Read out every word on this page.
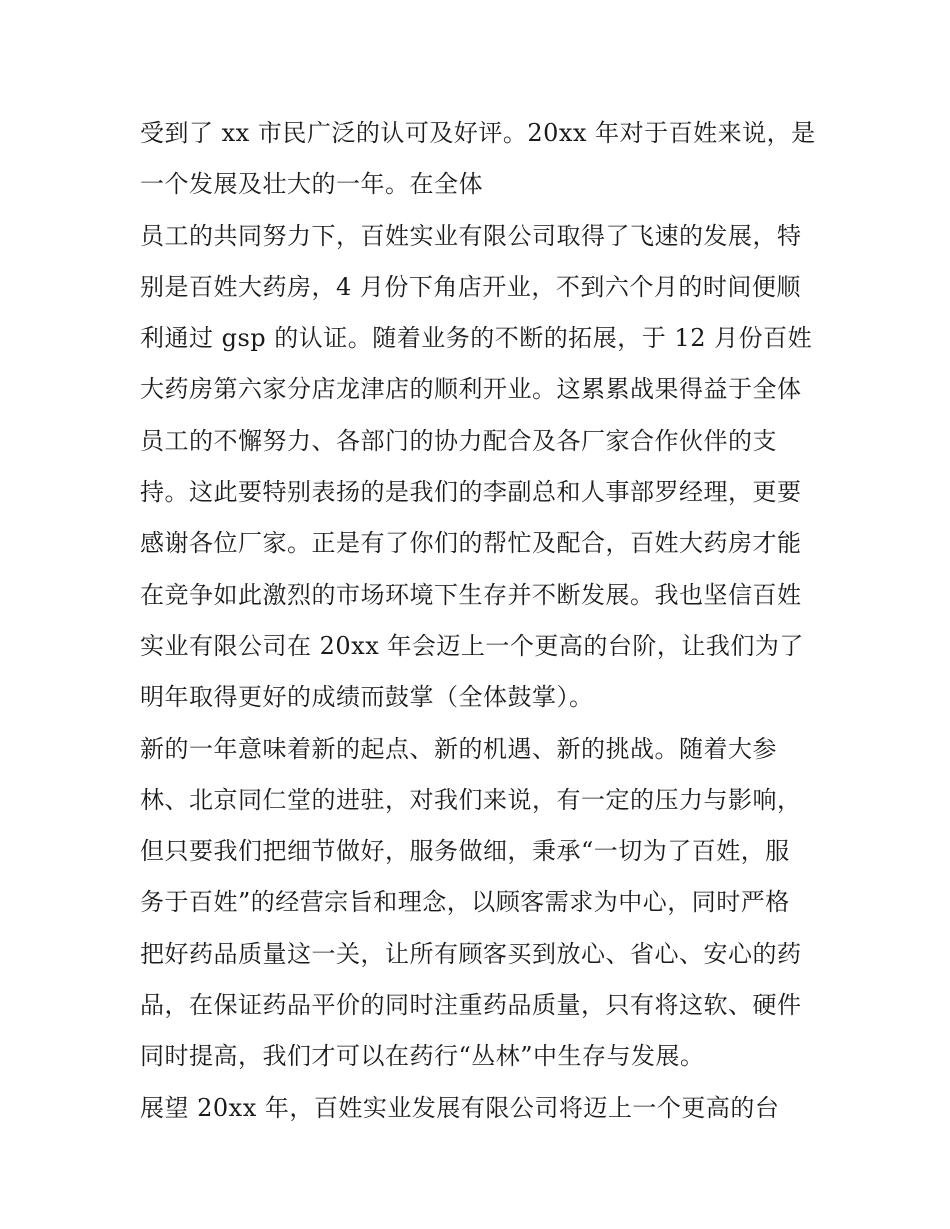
受到了 xx 市民广泛的认可及好评。20xx 年对于百姓来说，是
一个发展及壮大的一年。在全体
员工的共同努力下，百姓实业有限公司取得了飞速的发展，特
别是百姓大药房，4 月份下角店开业，不到六个月的时间便顺
利通过 gsp 的认证。随着业务的不断的拓展，于 12 月份百姓
大药房第六家分店龙津店的顺利开业。这累累战果得益于全体
员工的不懈努力、各部门的协力配合及各厂家合作伙伴的支
持。这此要特别表扬的是我们的李副总和人事部罗经理，更要
感谢各位厂家。正是有了你们的帮忙及配合，百姓大药房才能
在竞争如此激烈的市场环境下生存并不断发展。我也坚信百姓
实业有限公司在 20xx 年会迈上一个更高的台阶，让我们为了
明年取得更好的成绩而鼓掌（全体鼓掌）。
新的一年意味着新的起点、新的机遇、新的挑战。随着大参
林、北京同仁堂的进驻，对我们来说，有一定的压力与影响，
但只要我们把细节做好，服务做细，秉承“一切为了百姓，服
务于百姓”的经营宗旨和理念，以顾客需求为中心，同时严格
把好药品质量这一关，让所有顾客买到放心、省心、安心的药
品，在保证药品平价的同时注重药品质量，只有将这软、硬件
同时提高，我们才可以在药行“丛林”中生存与发展。
展望 20xx 年，百姓实业发展有限公司将迈上一个更高的台
